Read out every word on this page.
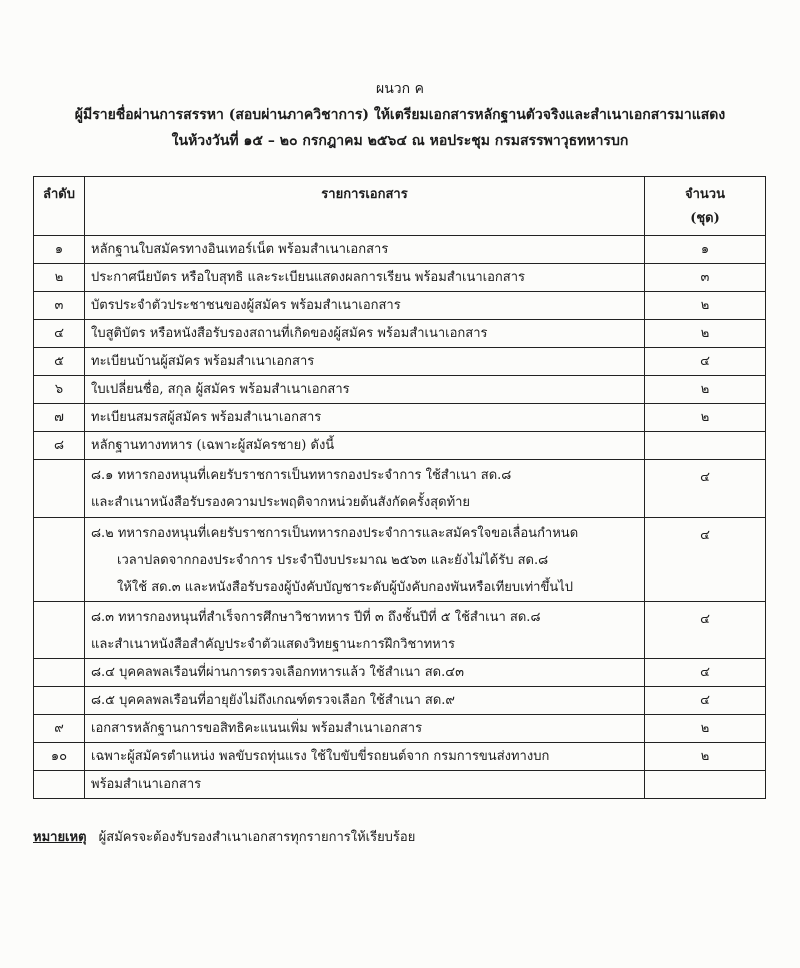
ผนวก ค
ผู้มีรายชื่อผ่านการสรรหา (สอบผ่านภาควิชาการ) ให้เตรียมเอกสารหลักฐานตัวจริงและสำเนาเอกสารมาแสดง
ในห้วงวันที่ ๑๕ – ๒๐ กรกฎาคม ๒๕๖๔ ณ หอประชุม กรมสรรพาวุธทหารบก
ลำดับ	รายการเอกสาร	จำนวน
(ชุด)

๑	หลักฐานใบสมัครทางอินเทอร์เน็ต พร้อมสำเนาเอกสาร	๑
๒	ประกาศนียบัตร หรือใบสุทธิ และระเบียนแสดงผลการเรียน พร้อมสำเนาเอกสาร	๓
๓	บัตรประจำตัวประชาชนของผู้สมัคร พร้อมสำเนาเอกสาร	๒
๔	ใบสูติบัตร หรือหนังสือรับรองสถานที่เกิดของผู้สมัคร พร้อมสำเนาเอกสาร	๒
๕	ทะเบียนบ้านผู้สมัคร พร้อมสำเนาเอกสาร	๔
๖	ใบเปลี่ยนชื่อ, สกุล ผู้สมัคร พร้อมสำเนาเอกสาร	๒
๗	ทะเบียนสมรสผู้สมัคร พร้อมสำเนาเอกสาร	๒
๘	หลักฐานทางทหาร (เฉพาะผู้สมัครชาย) ดังนี้	

	๘.๑ ทหารกองหนุนที่เคยรับราชการเป็นทหารกองประจำการ ใช้สำเนา สด.๘
และสำเนาหนังสือรับรองความประพฤติจากหน่วยต้นสังกัดครั้งสุดท้าย	๔

	๘.๒ ทหารกองหนุนที่เคยรับราชการเป็นทหารกองประจำการและสมัครใจขอเลื่อนกำหนด
เวลาปลดจากกองประจำการ ประจำปีงบประมาณ ๒๕๖๓ และยังไม่ได้รับ สด.๘
ให้ใช้ สด.๓ และหนังสือรับรองผู้บังคับบัญชาระดับผู้บังคับกองพันหรือเทียบเท่าขึ้นไป	๔

	๘.๓ ทหารกองหนุนที่สำเร็จการศึกษาวิชาทหาร ปีที่ ๓ ถึงชั้นปีที่ ๕ ใช้สำเนา สด.๘
และสำเนาหนังสือสำคัญประจำตัวแสดงวิทยฐานะการฝึกวิชาทหาร	๔
	๘.๔ บุคคลพลเรือนที่ผ่านการตรวจเลือกทหารแล้ว ใช้สำเนา สด.๔๓	๔
	๘.๕ บุคคลพลเรือนที่อายุยังไม่ถึงเกณฑ์ตรวจเลือก ใช้สำเนา สด.๙	๔
๙	เอกสารหลักฐานการขอสิทธิคะแนนเพิ่ม พร้อมสำเนาเอกสาร	๒
๑๐	เฉพาะผู้สมัครตำแหน่ง พลขับรถทุ่นแรง ใช้ใบขับขี่รถยนต์จาก กรมการขนส่งทางบก	๒
	พร้อมสำเนาเอกสาร	
หมายเหตุ ผู้สมัครจะต้องรับรองสำเนาเอกสารทุกรายการให้เรียบร้อย
